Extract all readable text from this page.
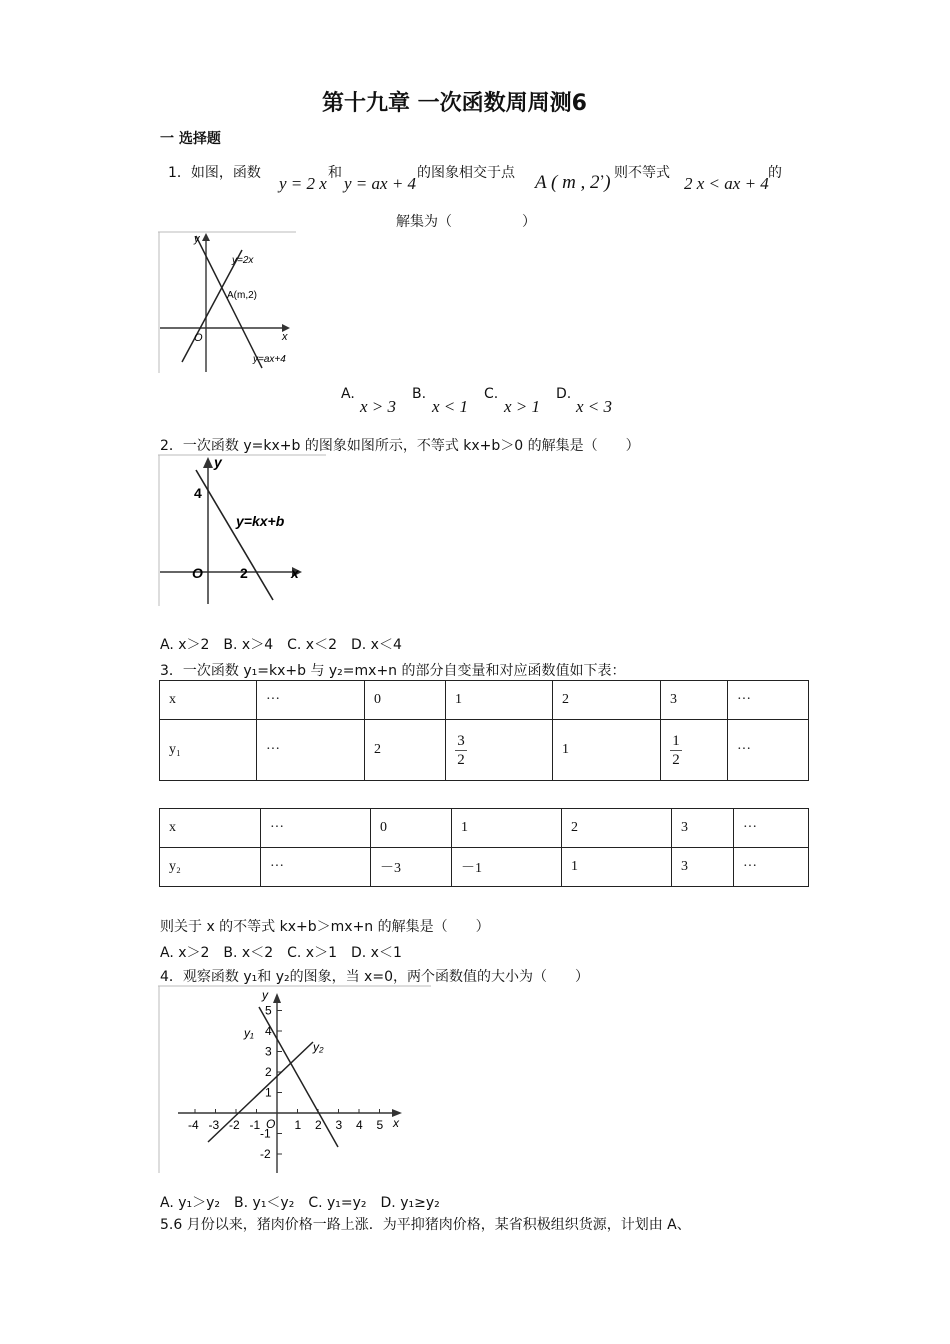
第十九章 一次函数周周测6
一 选择题
1．如图，函数
y = 2 x
和
y = ax + 4
的图象相交于点 A ( m , 2 )
，则不等式
2 x < ax + 4
的
解集为（　　　　　）
y=2x
A(m,2)
y=ax+4
O	x
y
A.
x > 3
B.
x < 1
C.
x > 1
D.
x < 3
2．一次函数 y=kx+b 的图象如图所示，不等式 kx+b＞0 的解集是（　　）
y=kx+b
4
2
O	x
y
A. x＞2　B. x＞4　C. x＜2　D. x＜4
3．一次函数 y₁=kx+b 与 y₂=mx+n 的部分自变量和对应函数值如下表：
x	···	0	1	2	3	···
y₁	···	2	$\frac{3}{2}$	1	$\frac{1}{2}$	···
x	···	0	1	2	3	···
y₂	···	－3	－1	1	3	···
则关于 x 的不等式 kx+b＞mx+n 的解集是（　　）
A. x＞2　B. x＜2　C. x＞1　D. x＜1
4．观察函数 y₁和 y₂的图象，当 x=0，两个函数值的大小为（　　）
-4 -3 -2 -1	1 2 3 4 5
5
4
3
2
1
-1
-2
y₁
y₂
O	x
y
A. y₁＞y₂　B. y₁＜y₂　C. y₁=y₂　D. y₁≥y₂
5.6 月份以来，猪肉价格一路上涨．为平抑猪肉价格，某省积极组织货源，计划由 A、
